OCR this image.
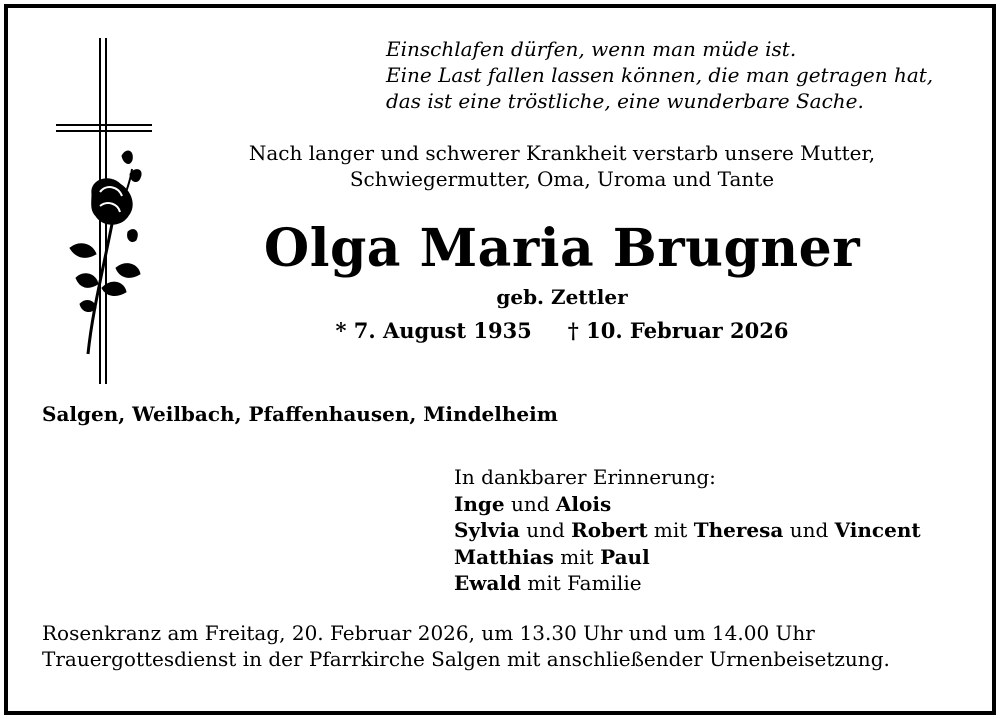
Einschlafen dürfen, wenn man müde ist.
Eine Last fallen lassen können, die man getragen hat,
das ist eine tröstliche, eine wunderbare Sache.
Nach langer und schwerer Krankheit verstarb unsere Mutter,
Schwiegermutter, Oma, Uroma und Tante
Olga Maria Brugner
geb. Zettler
* 7. August 1935 † 10. Februar 2026
Salgen, Weilbach, Pfaffenhausen, Mindelheim
In dankbarer Erinnerung:
Inge und Alois
Sylvia und Robert mit Theresa und Vincent
Matthias mit Paul
Ewald mit Familie
Rosenkranz am Freitag, 20. Februar 2026, um 13.30 Uhr und um 14.00 Uhr
Trauergottesdienst in der Pfarrkirche Salgen mit anschließender Urnenbeisetzung.
